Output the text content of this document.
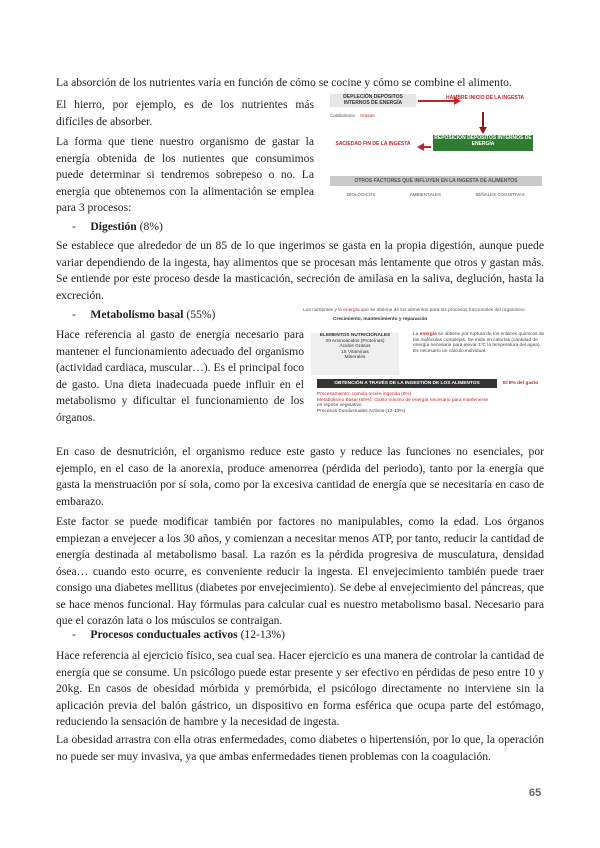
La absorción de los nutrientes varía en función de cómo se cocine y cómo se combine el alimento.

El hierro, por ejemplo, es de los nutrientes más difíciles de absorber.

La forma que tiene nuestro organismo de gastar la energía obtenida de los nutientes que consumimos puede determinar si tendremos sobrepeso o no. La energía que obtenemos con la alimentación se emplea para 3 procesos:

DEPLECIÓN DEPÓSITOS INTERNOS DE ENERGÍA
HAMBRE INICIO DE LA INGESTA
Catabolismo Grasas
REPOSICIÓN DEPÓSITOS INTERNOS DE ENERGÍA
SACIEDAD FIN DE LA INGESTA
OTROS FACTORES QUE INFLUYEN EN LA INGESTA DE ALIMENTOS
BIOLÓGICOS	AMBIENTALES	SEÑALES COGNITIVAS
- Digestión (8%)

Se establece que alrededor de un 85 de lo que ingerimos se gasta en la propia digestión, aunque puede variar dependiendo de la ingesta, hay alimentos que se procesan más lentamente que otros y gastan más. Se entiende por este proceso desde la masticación, secreción de amilasa en la saliva, deglución, hasta la excreción.

- Metabolismo basal (55%)

Hace referencia al gasto de energía necesario para mantener el funcionamiento adecuado del organismo (actividad cardiaca, muscular…). Es el principal foco de gasto. Una dieta inadecuada puede influir en el metabolismo y dificultar el funcionamiento de los órganos.

Los nutrientes y la energía que se obtiene de los alimentos para los procesos funcionales del organismo
Crecimiento, mantenimiento y reparación
ELEMENTOS NUTRICIONALES
20 Aminoácidos (Proteínas)
Ácidos Grasos
15 Vitaminas
Minerales
La energía se obtiene por ruptura de los enlaces químicos de las moléculas complejas. Se mide en calorías (cantidad de energía necesaria para elevar 1ºC la temperatura del agua). Es necesario un cálculo individual.
OBTENCIÓN A TRAVÉS DE LA INGESTIÓN DE LOS ALIMENTOS	El 8% del gasto
Procesamiento: comida recién ingerida (8%)
Metabolismo Basal (55%): Gasto mínimo de energía necesario para mantenerse
en reposo vegetativo
Procesos Conductuales Activos (12-13%)

En caso de desnutrición, el organismo reduce este gasto y reduce las funciones no esenciales, por ejemplo, en el caso de la anorexia, produce amenorrea (pérdida del periodo), tanto por la energía que gasta la menstruación por sí sola, como por la excesiva cantidad de energía que se necesitaría en caso de embarazo.

Este factor se puede modificar también por factores no manipulables, como la edad. Los órganos empiezan a envejecer a los 30 años, y comienzan a necesitar menos ATP, por tanto, reducir la cantidad de energía destinada al metabolismo basal. La razón es la pérdida progresiva de musculatura, densidad ósea… cuando esto ocurre, es conveniente reducir la ingesta. El envejecimiento también puede traer consigo una diabetes mellitus (diabetes por envejecimiento). Se debe al envejecimiento del páncreas, que se hace menos funcional. Hay fórmulas para calcular cual es nuestro metabolismo basal. Necesario para que el corazón lata o los músculos se contraigan.

- Procesos conductuales activos (12-13%)

Hace referencia al ejercicio físico, sea cual sea. Hacer ejercicio es una manera de controlar la cantidad de energía que se consume. Un psicólogo puede estar presente y ser efectivo en pérdidas de peso entre 10 y 20kg. En casos de obesidad mórbida y premórbida, el psicólogo directamente no interviene sin la aplicación previa del balón gástrico, un dispositivo en forma esférica que ocupa parte del estómago, reduciendo la sensación de hambre y la necesidad de ingesta.

La obesidad arrastra con ella otras enfermedades, como diabetes o hipertensión, por lo que, la operación no puede ser muy invasiva, ya que ambas enfermedades tienen problemas con la coagulación.

65
